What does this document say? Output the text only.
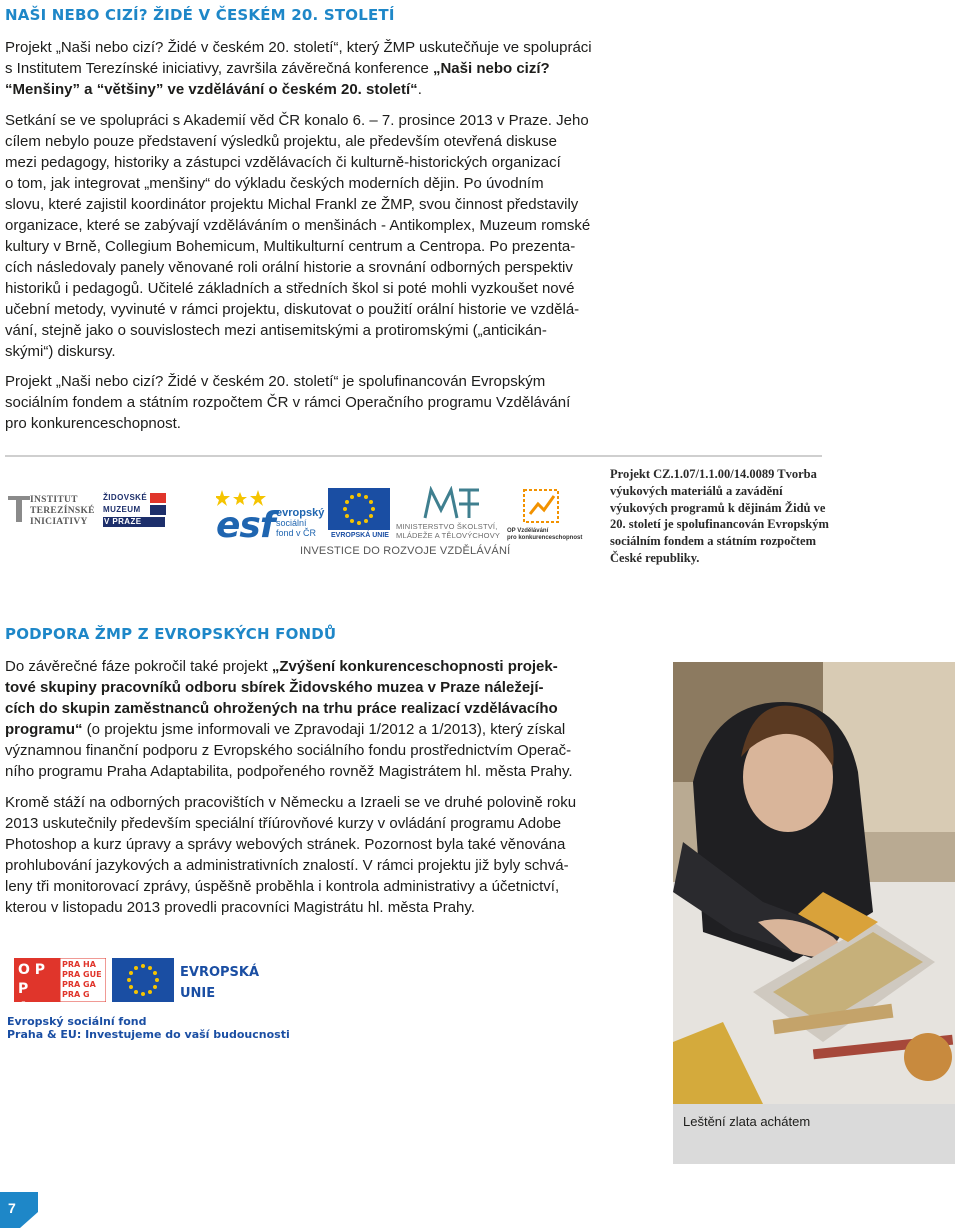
NAŠI NEBO CIZÍ? ŽIDÉ V ČESKÉM 20. STOLETÍ
Projekt „Naši nebo cizí? Židé v českém 20. století“, který ŽMP uskutečňuje ve spolupráci
s Institutem Terezínské iniciativy, završila závěrečná konference „Naši nebo cizí?
“Menšiny” a “většiny” ve vzdělávání o českém 20. století“.
Setkání se ve spolupráci s Akademií věd ČR konalo 6. – 7. prosince 2013 v Praze. Jeho
cílem nebylo pouze představení výsledků projektu, ale především otevřená diskuse
mezi pedagogy, historiky a zástupci vzdělávacích či kulturně-historických organizací
o tom, jak integrovat „menšiny“ do výkladu českých moderních dějin. Po úvodním
slovu, které zajistil koordinátor projektu Michal Frankl ze ŽMP, svou činnost představily
organizace, které se zabývají vzděláváním o menšinách - Antikomplex, Muzeum romské
kultury v Brně, Collegium Bohemicum, Multikulturní centrum a Centropa. Po prezenta-
cích následovaly panely věnované roli orální historie a srovnání odborných perspektiv
historiků i pedagogů. Učitelé základních a středních škol si poté mohli vyzkoušet nové
učební metody, vyvinuté v rámci projektu, diskutovat o použití orální historie ve vzdělá-
vání, stejně jako o souvislostech mezi antisemitskými a protiromskými („anticikán-
skými“) diskursy.
Projekt „Naši nebo cizí? Židé v českém 20. století“ je spolufinancován Evropským
sociálním fondem a státním rozpočtem ČR v rámci Operačního programu Vzdělávání
pro konkurenceschopnost.
INSTITUT
TEREZÍNSKÉ
INICIATIVY
ŽIDOVSKÉ
MUZEUM
V PRAZE	esf evropský
sociální
fond v ČR	EVROPSKÁ UNIE
MINISTERSTVO ŠKOLSTVÍ,
MLÁDEŽE A TĚLOVÝCHOVY OP Vzdělávání
pro konkurenceschopnost
INVESTICE DO ROZVOJE VZDĚLÁVÁNÍ
Projekt CZ.1.07/1.1.00/14.0089 Tvorba výukových materiálů a zavádění výukových programů k dějinám Židů ve 20. století je spolufinancován Evropským sociálním fondem a státním rozpočtem České republiky.
PODPORA ŽMP Z EVROPSKÝCH FONDŮ
Do závěrečné fáze pokročil také projekt „Zvýšení konkurenceschopnosti projek-
tové skupiny pracovníků odboru sbírek Židovského muzea v Praze náležejí-
cích do skupin zaměstnanců ohrožených na trhu práce realizací vzdělávacího
programu“ (o projektu jsme informovali ve Zpravodaji 1/2012 a 1/2013), který získal
významnou finanční podporu z Evropského sociálního fondu prostřednictvím Operač-
ního programu Praha Adaptabilita, podpořeného rovněž Magistrátem hl. města Prahy.
Kromě stáží na odborných pracovištích v Německu a Izraeli se ve druhé polovině roku
2013 uskutečnily především speciální tříúrovňové kurzy v ovládání programu Adobe
Photoshop a kurz úpravy a správy webových stránek. Pozornost byla také věnována
prohlubování jazykových a administrativních znalostí. V rámci projektu již byly schvá-
leny tři monitorovací zprávy, úspěšně proběhla i kontrola administrativy a účetnictví,
kterou v listopadu 2013 provedli pracovníci Magistrátu hl. města Prahy.
Leštění zlata achátem
O P P
A
PRA HA
PRA GUE
PRA GA
PRA G
EVROPSKÁ
UNIE
Evropský sociální fond
Praha & EU: Investujeme do vaší budoucnosti
7
